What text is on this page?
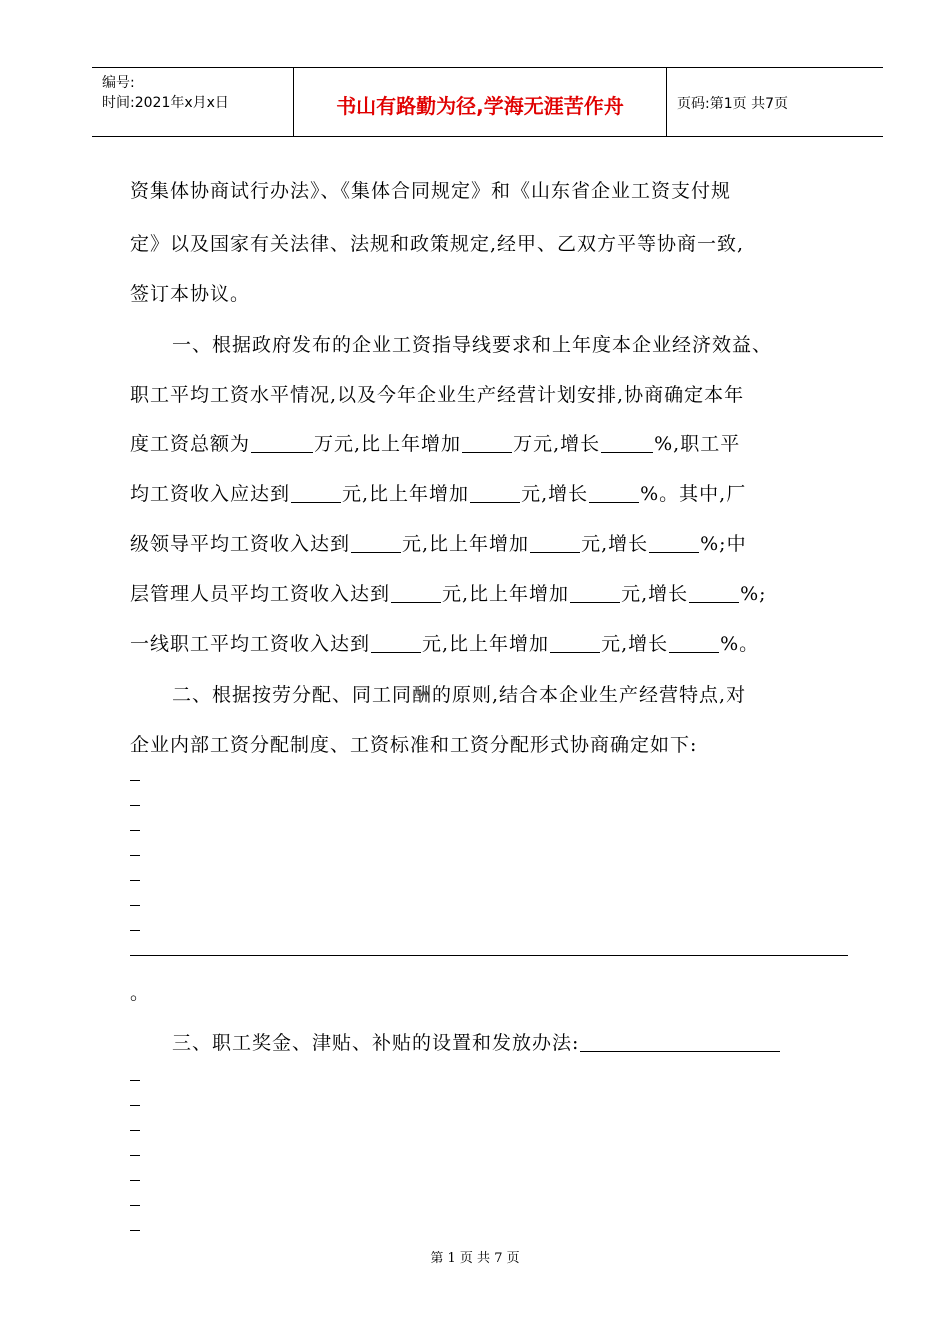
编号:
时间:2021年x月x日	书山有路勤为径,学海无涯苦作舟	页码:第1页 共7页
资集体协商试行办法》、《集体合同规定》和《山东省企业工资支付规
定》以及国家有关法律、法规和政策规定,经甲、乙双方平等协商一致,
签订本协议。
一、根据政府发布的企业工资指导线要求和上年度本企业经济效益、
职工平均工资水平情况,以及今年企业生产经营计划安排,协商确定本年
度工资总额为	万元,比上年增加	万元,增长	%,职工平
均工资收入应达到	元,比上年增加	元,增长	%。其中,厂
级领导平均工资收入达到	元,比上年增加	元,增长	%;中
层管理人员平均工资收入达到	元,比上年增加	元,增长	%;
一线职工平均工资收入达到	元,比上年增加	元,增长	%。
二、根据按劳分配、同工同酬的原则,结合本企业生产经营特点,对
企业内部工资分配制度、工资标准和工资分配形式协商确定如下:
。
三、职工奖金、津贴、补贴的设置和发放办法:
第 1 页 共 7 页
